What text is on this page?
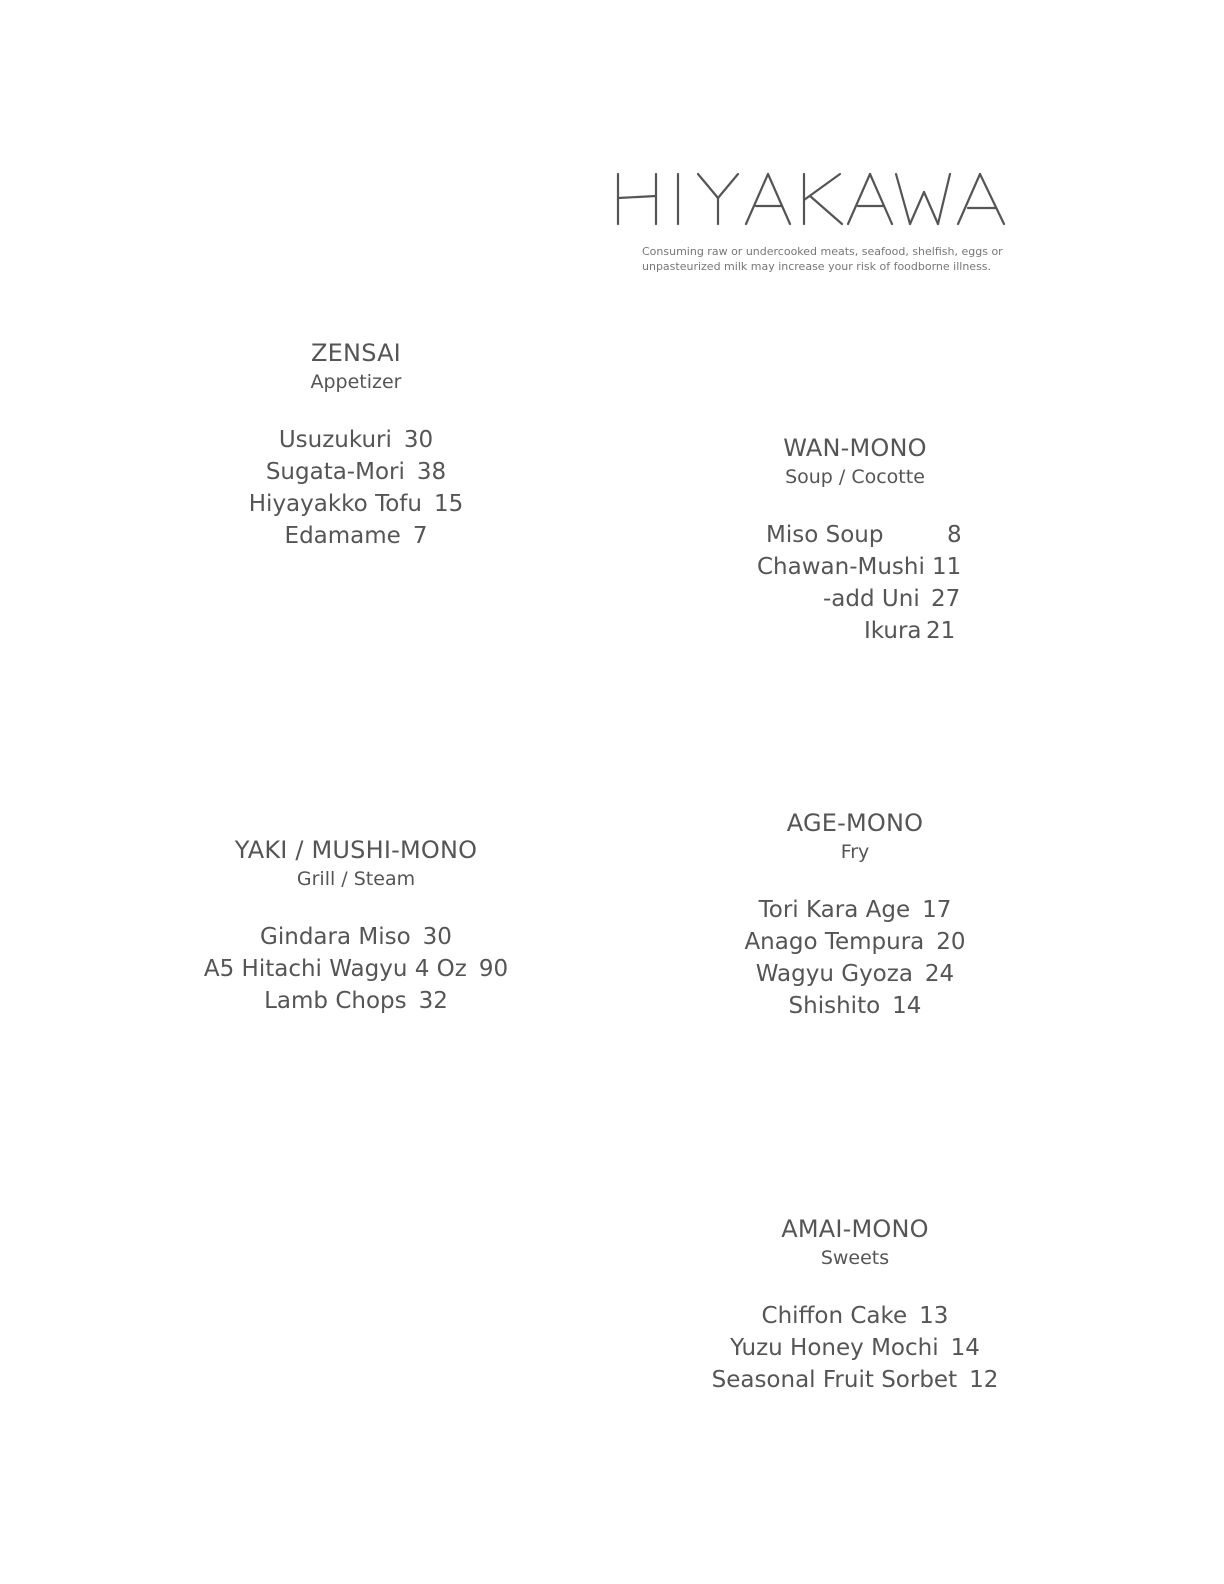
Consuming raw or undercooked meats, seafood, shelfish, eggs or unpasteurized milk may increase your risk of foodborne illness.
ZENSAI
Appetizer
Usuzukuri 30
Sugata-Mori 38
Hiyayakko Tofu 15
Edamame 7
WAN-MONO
Soup / Cocotte
Miso Soup	8
Chawan-Mushi 11
-add Uni 27
Ikura 21
YAKI / MUSHI-MONO
Grill / Steam
Gindara Miso 30
A5 Hitachi Wagyu 4 Oz 90
Lamb Chops 32
AGE-MONO
Fry
Tori Kara Age 17
Anago Tempura 20
Wagyu Gyoza 24
Shishito 14
AMAI-MONO
Sweets
Chiffon Cake 13
Yuzu Honey Mochi 14
Seasonal Fruit Sorbet 12
